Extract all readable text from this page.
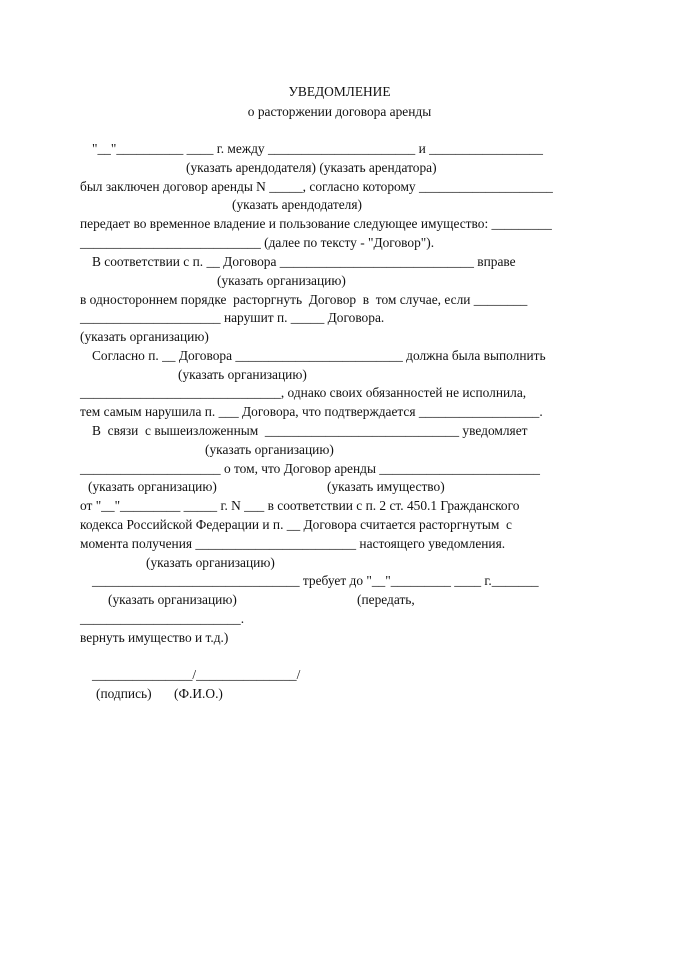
УВЕДОМЛЕНИЕ
о расторжении договора аренды
"__"__________ ____ г. между ______________________ и _________________
(указать арендодателя) (указать арендатора)
был заключен договор аренды N _____, согласно которому ____________________
(указать арендодателя)
передает во временное владение и пользование следующее имущество: _________
___________________________ (далее по тексту - "Договор").
В соответствии с п. __ Договора _____________________________ вправе
(указать организацию)
в одностороннем порядке  расторгнуть  Договор  в  том случае, если ________
_____________________ нарушит п. _____ Договора.
(указать организацию)
Согласно п. __ Договора _________________________ должна была выполнить
(указать организацию)
______________________________, однако своих обязанностей не исполнила,
тем самым нарушила п. ___ Договора, что подтверждается __________________.
В  связи  с вышеизложенным  _____________________________ уведомляет
(указать организацию)
_____________________ о том, что Договор аренды ________________________
(указать организацию)	(указать имущество)
от "__"_________ _____ г. N ___ в соответствии с п. 2 ст. 450.1 Гражданского
кодекса Российской Федерации и п. __ Договора считается расторгнутым  с
момента получения ________________________ настоящего уведомления.
(указать организацию)
_______________________________ требует до "__"_________ ____ г._______
(указать организацию)	(передать,
________________________.
вернуть имущество и т.д.)
_______________/_______________/
(подпись) (Ф.И.О.)
